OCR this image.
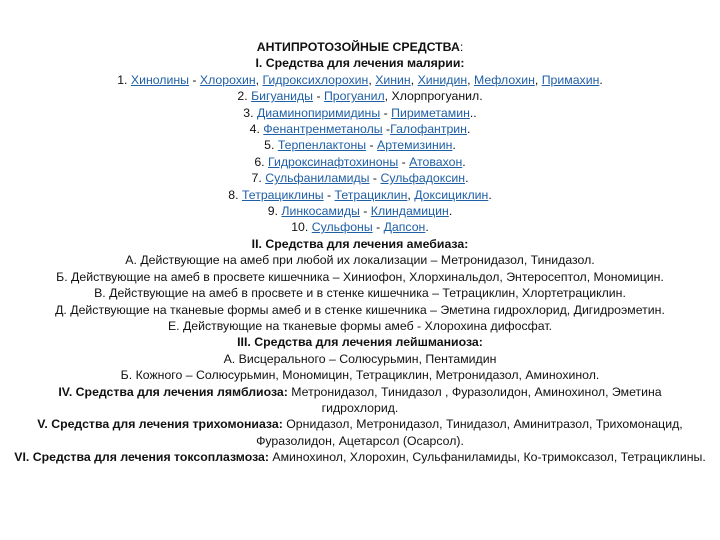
АНТИПРОТОЗОЙНЫЕ СРЕДСТВА:
I. Средства для лечения малярии:
1. Хинолины - Хлорохин, Гидроксихлорохин, Хинин, Хинидин, Мефлохин, Примахин.
2. Бигуаниды - Прогуанил, Хлорпрогуанил.
3. Диаминопиримидины - Пириметамин..
4. Фенантренметанолы -Галофантрин.
5. Терпенлактоны - Артемизинин.
6. Гидроксинафтохиноны - Атовахон.
7. Сульфаниламиды - Сульфадоксин.
8. Тетрациклины - Тетрациклин, Доксициклин.
9. Линкосамиды - Клиндамицин.
10. Сульфоны - Дапсон.
II. Средства для лечения амебиаза:
А. Действующие на амеб при любой их локализации – Метронидазол, Тинидазол.
Б. Действующие на амеб в просвете кишечника – Хиниофон, Хлорхинальдол, Энтеросептол, Мономицин.
В. Действующие на амеб в просвете и в стенке кишечника – Тетрациклин, Хлортетрациклин.
Д. Действующие на тканевые формы амеб и в стенке кишечника – Эметина гидрохлорид, Дигидроэметин.
Е. Действующие на тканевые формы амеб - Хлорохина дифосфат.
III. Средства для лечения лейшманиоза:
А. Висцерального – Солюсурьмин, Пентамидин
Б. Кожного – Солюсурьмин, Мономицин, Тетрациклин, Метронидазол, Аминохинол.
IV. Средства для лечения лямблиоза: Метронидазол, Тинидазол , Фуразолидон, Аминохинол, Эметина гидрохлорид.
V. Средства для лечения трихомониаза: Орнидазол, Метронидазол, Тинидазол, Аминитразол, Трихомонацид, Фуразолидон, Ацетарсол (Осарсол).
VI. Средства для лечения токсоплазмоза: Аминохинол, Хлорохин, Сульфаниламиды, Ко-тримоксазол, Тетрациклины.
